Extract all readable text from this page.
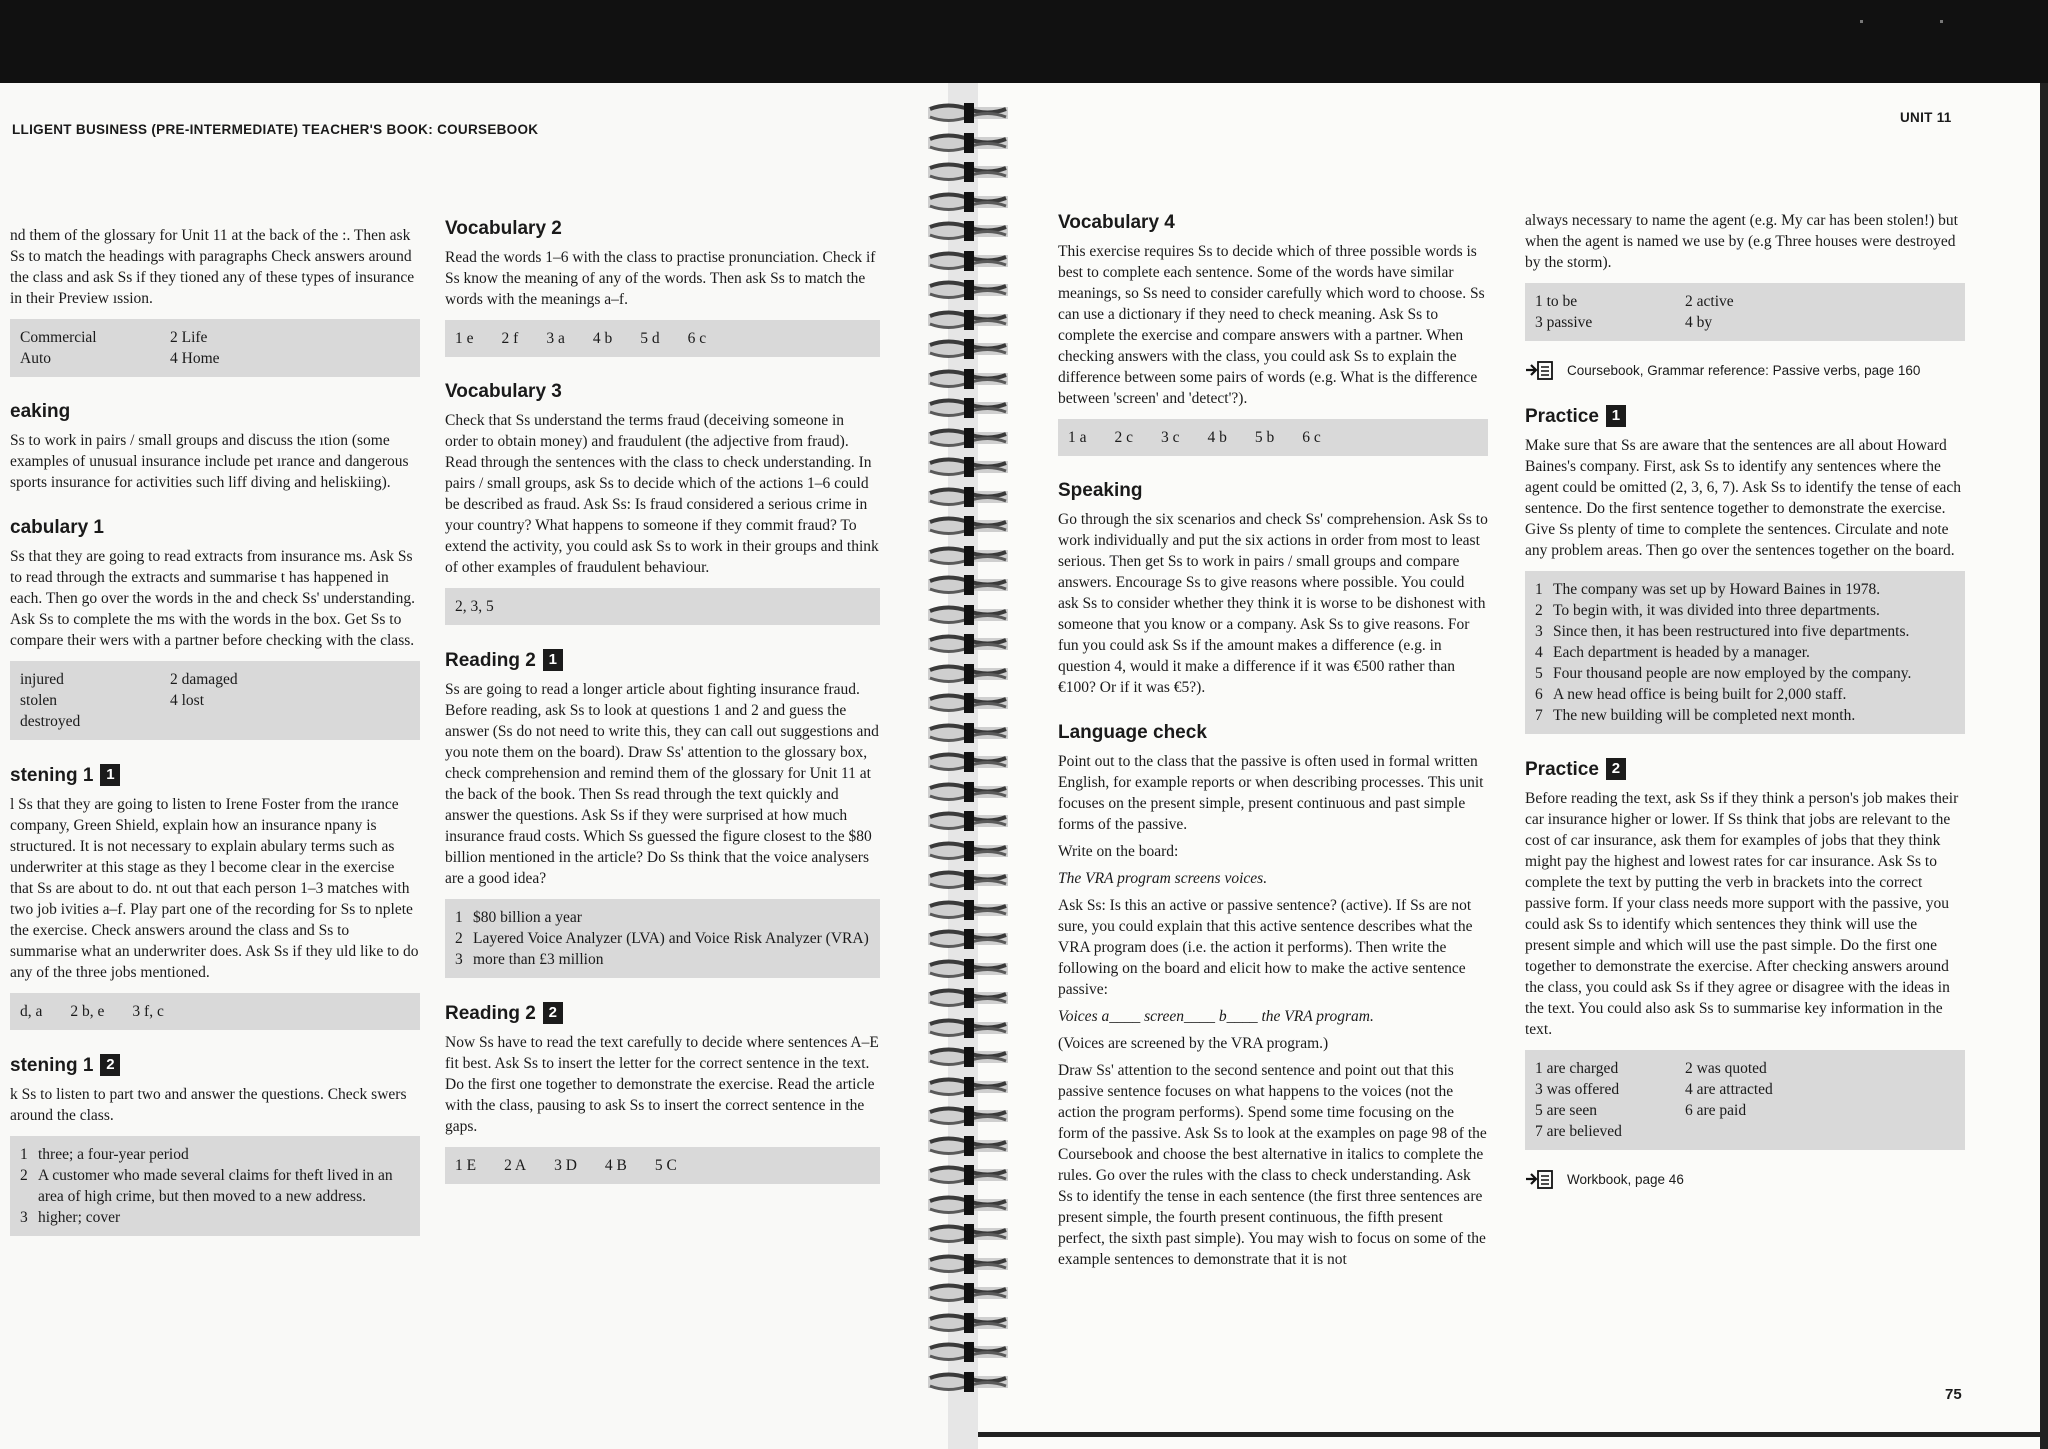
LLIGENT BUSINESS (PRE-INTERMEDIATE) TEACHER'S BOOK: COURSEBOOK
UNIT 11
75

nd them of the glossary for Unit 11 at the back of the :. Then ask Ss to match the headings with paragraphs Check answers around the class and ask Ss if they tioned any of these types of insurance in their Preview ıssion.

Commercial	2 Life
Auto	4 Home
eaking

Ss to work in pairs / small groups and discuss the ıtion (some examples of unusual insurance include pet ırance and dangerous sports insurance for activities such liff diving and heliskiing).

cabulary 1

Ss that they are going to read extracts from insurance ms. Ask Ss to read through the extracts and summarise t has happened in each. Then go over the words in the and check Ss' understanding. Ask Ss to complete the ms with the words in the box. Get Ss to compare their wers with a partner before checking with the class.

injured	2 damaged
stolen	4 lost
destroyed
stening 1 1

l Ss that they are going to listen to Irene Foster from the ırance company, Green Shield, explain how an insurance npany is structured. It is not necessary to explain abulary terms such as underwriter at this stage as they l become clear in the exercise that Ss are about to do. nt out that each person 1–3 matches with two job ivities a–f. Play part one of the recording for Ss to nplete the exercise. Check answers around the class and Ss to summarise what an underwriter does. Ask Ss if they uld like to do any of the three jobs mentioned.

d, a 2 b, e 3 f, c
stening 1 2

k Ss to listen to part two and answer the questions. Check swers around the class.

1 three; a four-year period
2 A customer who made several claims for theft lived in an area of high crime, but then moved to a new address.
3 higher; cover
Vocabulary 2

Read the words 1–6 with the class to practise pronunciation. Check if Ss know the meaning of any of the words. Then ask Ss to match the words with the meanings a–f.

1 e 2 f 3 a 4 b 5 d 6 c
Vocabulary 3

Check that Ss understand the terms fraud (deceiving someone in order to obtain money) and fraudulent (the adjective from fraud). Read through the sentences with the class to check understanding. In pairs / small groups, ask Ss to decide which of the actions 1–6 could be described as fraud. Ask Ss: Is fraud considered a serious crime in your country? What happens to someone if they commit fraud? To extend the activity, you could ask Ss to work in their groups and think of other examples of fraudulent behaviour.

2, 3, 5
Reading 2 1

Ss are going to read a longer article about fighting insurance fraud. Before reading, ask Ss to look at questions 1 and 2 and guess the answer (Ss do not need to write this, they can call out suggestions and you note them on the board). Draw Ss' attention to the glossary box, check comprehension and remind them of the glossary for Unit 11 at the back of the book. Then Ss read through the text quickly and answer the questions. Ask Ss if they were surprised at how much insurance fraud costs. Which Ss guessed the figure closest to the $80 billion mentioned in the article? Do Ss think that the voice analysers are a good idea?

1 $80 billion a year
2 Layered Voice Analyzer (LVA) and Voice Risk Analyzer (VRA)
3 more than £3 million
Reading 2 2

Now Ss have to read the text carefully to decide where sentences A–E fit best. Ask Ss to insert the letter for the correct sentence in the text. Do the first one together to demonstrate the exercise. Read the article with the class, pausing to ask Ss to insert the correct sentence in the gaps.

1 E 2 A 3 D 4 B 5 C
Vocabulary 4

This exercise requires Ss to decide which of three possible words is best to complete each sentence. Some of the words have similar meanings, so Ss need to consider carefully which word to choose. Ss can use a dictionary if they need to check meaning. Ask Ss to complete the exercise and compare answers with a partner. When checking answers with the class, you could ask Ss to explain the difference between some pairs of words (e.g. What is the difference between 'screen' and 'detect'?).

1 a 2 c 3 c 4 b 5 b 6 c
Speaking

Go through the six scenarios and check Ss' comprehension. Ask Ss to work individually and put the six actions in order from most to least serious. Then get Ss to work in pairs / small groups and compare answers. Encourage Ss to give reasons where possible. You could ask Ss to consider whether they think it is worse to be dishonest with someone that you know or a company. Ask Ss to give reasons. For fun you could ask Ss if the amount makes a difference (e.g. in question 4, would it make a difference if it was €500 rather than €100? Or if it was €5?).

Language check

Point out to the class that the passive is often used in formal written English, for example reports or when describing processes. This unit focuses on the present simple, present continuous and past simple forms of the passive.

Write on the board:

The VRA program screens voices.

Ask Ss: Is this an active or passive sentence? (active). If Ss are not sure, you could explain that this active sentence describes what the VRA program does (i.e. the action it performs). Then write the following on the board and elicit how to make the active sentence passive:

Voices a____ screen____ b____ the VRA program.

(Voices are screened by the VRA program.)

Draw Ss' attention to the second sentence and point out that this passive sentence focuses on what happens to the voices (not the action the program performs). Spend some time focusing on the form of the passive. Ask Ss to look at the examples on page 98 of the Coursebook and choose the best alternative in italics to complete the rules. Go over the rules with the class to check understanding. Ask Ss to identify the tense in each sentence (the first three sentences are present simple, the fourth present continuous, the fifth present perfect, the sixth past simple). You may wish to focus on some of the example sentences to demonstrate that it is not

always necessary to name the agent (e.g. My car has been stolen!) but when the agent is named we use by (e.g Three houses were destroyed by the storm).

1 to be	2 active
3 passive	4 by
Coursebook, Grammar reference: Passive verbs, page 160
Practice 1

Make sure that Ss are aware that the sentences are all about Howard Baines's company. First, ask Ss to identify any sentences where the agent could be omitted (2, 3, 6, 7). Ask Ss to identify the tense of each sentence. Do the first sentence together to demonstrate the exercise. Give Ss plenty of time to complete the sentences. Circulate and note any problem areas. Then go over the sentences together on the board.

1 The company was set up by Howard Baines in 1978.
2 To begin with, it was divided into three departments.
3 Since then, it has been restructured into five departments.
4 Each department is headed by a manager.
5 Four thousand people are now employed by the company.
6 A new head office is being built for 2,000 staff.
7 The new building will be completed next month.
Practice 2

Before reading the text, ask Ss if they think a person's job makes their car insurance higher or lower. If Ss think that jobs are relevant to the cost of car insurance, ask them for examples of jobs that they think might pay the highest and lowest rates for car insurance. Ask Ss to complete the text by putting the verb in brackets into the correct passive form. If your class needs more support with the passive, you could ask Ss to identify which sentences they think will use the present simple and which will use the past simple. Do the first one together to demonstrate the exercise. After checking answers around the class, you could ask Ss if they agree or disagree with the ideas in the text. You could also ask Ss to summarise key information in the text.

1 are charged	2 was quoted
3 was offered	4 are attracted
5 are seen	6 are paid
7 are believed
Workbook, page 46
